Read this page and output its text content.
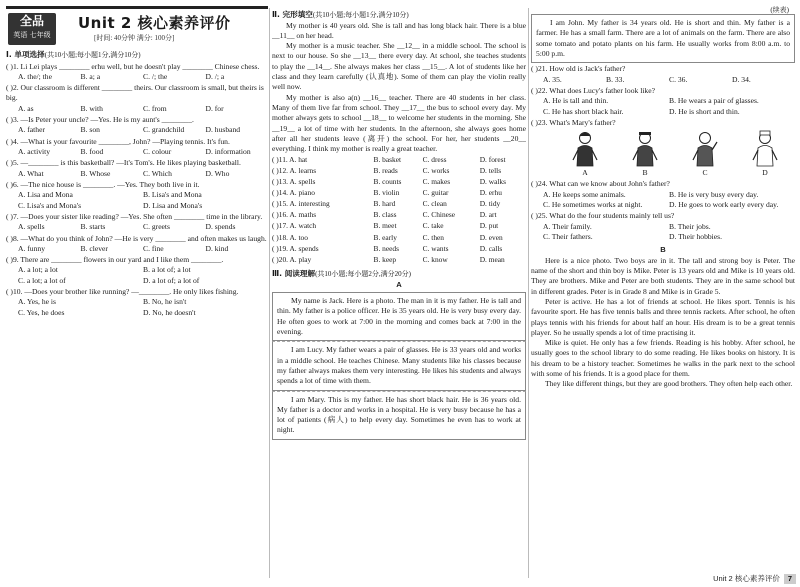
全品
英语 七年级
Unit 2 核心素养评价
[时间: 40分钟 满分: 100分]
Ⅰ. 单项选择(共10小题;每小题1分,满分10分)
( )1. Li Lei plays ________ erhu well, but he doesn't play ________ Chinese chess.
A. the/; the	B. a; a	C. /; the	D. /; a
( )2. Our classroom is different ________ theirs. Our classroom is small, but theirs is big.
A. as	B. with	C. from	D. for
( )3. —Is Peter your uncle? —Yes. He is my aunt's ________.
A. father	B. son	C. grandchild	D. husband
( )4. —What is your favourite ________, John? —Playing tennis. It's fun.
A. activity	B. food	C. colour	D. information
( )5. —________ is this basketball? —It's Tom's. He likes playing basketball.
A. What	B. Whose	C. Which	D. Who
( )6. —The nice house is ________. —Yes. They both live in it.
A. Lisa and Mona	B. Lisa's and Mona
C. Lisa's and Mona's	D. Lisa and Mona's
( )7. —Does your sister like reading? —Yes. She often ________ time in the library.
A. spells	B. starts	C. greets	D. spends
( )8. —What do you think of John? —He is very ________ and often makes us laugh.
A. funny	B. clever	C. fine	D. kind
( )9. There are ________ flowers in our yard and I like them ________.
A. a lot; a lot	B. a lot of; a lot
C. a lot; a lot of	D. a lot of; a lot of
( )10. —Does your brother like running? —________. He only likes fishing.
A. Yes, he is	B. No, he isn't
C. Yes, he does	D. No, he doesn't
Ⅱ. 完形填空(共10小题;每小题1分,满分10分)
My mother is 40 years old. She is tall and has long black hair. There is a blue __11__ on her head.
My mother is a music teacher. She __12__ in a middle school. The school is next to our house. So she __13__ there every day. At school, she teaches students to play the __14__. She always makes her class __15__. A lot of students like her class and they learn carefully (认真地). Some of them can play the violin really well now.
My mother is also a(n) __16__ teacher. There are 40 students in her class. Many of them live far from school. They __17__ the bus to school every day. My mother always gets to school __18__ to welcome her students in the morning. She __19__ a lot of time with her students. In the afternoon, she always goes home after all her students leave (离开) the school. For her, her students __20__ everything. I think my mother is really a great teacher.
( )11. A. hat	B. basket	C. dress	D. forest
( )12. A. learns	B. reads	C. works	D. tells
( )13. A. spells	B. counts	C. makes	D. walks
( )14. A. piano	B. violin	C. guitar	D. erhu
( )15. A. interesting	B. hard	C. clean	D. tidy
( )16. A. maths	B. class	C. Chinese	D. art
( )17. A. watch	B. meet	C. take	D. put
( )18. A. too	B. early	C. then	D. even
( )19. A. spends	B. needs	C. wants	D. calls
( )20. A. play	B. keep	C. know	D. mean
Ⅲ. 阅读理解(共10小题;每小题2分,满分20分)
A
My name is Jack. Here is a photo. The man in it is my father. He is tall and thin. My father is a police officer. He is 35 years old. He is very busy every day. He often goes to work at 7:00 in the morning and comes back at 7:00 in the evening.
I am Lucy. My father wears a pair of glasses. He is 33 years old and works in a middle school. He teaches Chinese. Many students like his classes because my father always makes them very interesting. He likes his students and always spends a lot of time with them.
I am Mary. This is my father. He has short black hair. He is 36 years old. My father is a doctor and works in a hospital. He is very busy because he has a lot of patients (病人) to help every day. Sometimes he even has to work at night.
(续表)
I am John. My father is 34 years old. He is short and thin. My father is a farmer. He has a small farm. There are a lot of animals on the farm. There are also some tomato and potato plants on his farm. He usually works from 8:00 a.m. to 5:00 p.m.
( )21. How old is Jack's father?
A. 35.	B. 33.	C. 36.	D. 34.
( )22. What does Lucy's father look like?
A. He is tall and thin.	B. He wears a pair of glasses.
C. He has short black hair.	D. He is short and thin.
( )23. What's Mary's father?
A	B	C	D
( )24. What can we know about John's father?
A. He keeps some animals.	B. He is very busy every day.
C. He sometimes works at night.	D. He goes to work early every day.
( )25. What do the four students mainly tell us?
A. Their family.	B. Their jobs.
C. Their fathers.	D. Their hobbies.
B
Here is a nice photo. Two boys are in it. The tall and strong boy is Peter. The name of the short and thin boy is Mike. Peter is 13 years old and Mike is 10 years old. They are brothers. Mike and Peter are both students. They are in the same school but in different grades. Peter is in Grade 8 and Mike is in Grade 5.
Peter is active. He has a lot of friends at school. He likes sport. Tennis is his favourite sport. He has five tennis balls and three tennis rackets. After school, he often plays tennis with his friends for about half an hour. His dream is to be a great tennis player. So he usually spends a lot of time practising it.
Mike is quiet. He only has a few friends. Reading is his hobby. After school, he usually goes to the school library to do some reading. He likes books on history. It is his dream to be a history teacher. Sometimes he walks in the park next to the school with some of his friends. It is a good place for them.
They like different things, but they are good brothers. They often help each other.
Unit 2 核心素养评价	7
